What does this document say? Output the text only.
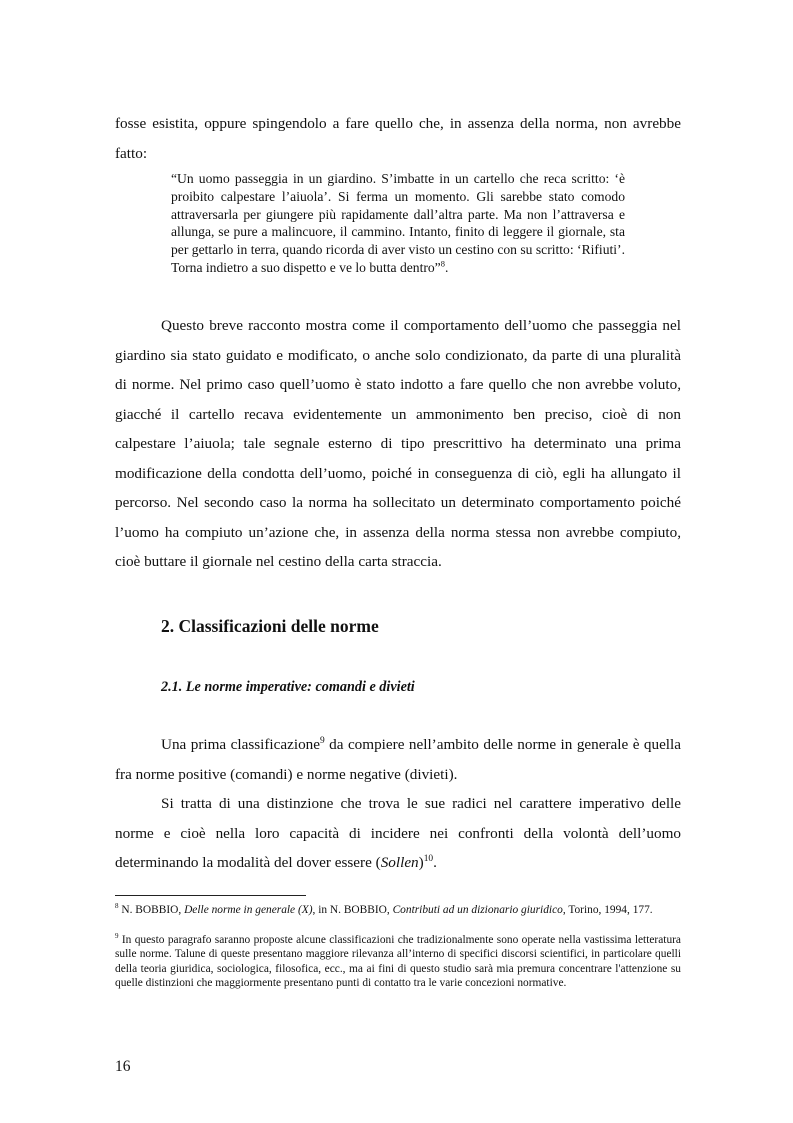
fosse esistita, oppure spingendolo a fare quello che, in assenza della norma, non avrebbe fatto:

“Un uomo passeggia in un giardino. S’imbatte in un cartello che reca scritto: ‘è proibito calpestare l’aiuola’. Si ferma un momento. Gli sarebbe stato comodo attraversarla per giungere più rapidamente dall’altra parte. Ma non l’attraversa e allunga, se pure a malincuore, il cammino. Intanto, finito di leggere il giornale, sta per gettarlo in terra, quando ricorda di aver visto un cestino con su scritto: ‘Rifiuti’. Torna indietro a suo dispetto e ve lo butta dentro”$^8$.

Questo breve racconto mostra come il comportamento dell’uomo che passeggia nel giardino sia stato guidato e modificato, o anche solo condizionato, da parte di una pluralità di norme. Nel primo caso quell’uomo è stato indotto a fare quello che non avrebbe voluto, giacché il cartello recava evidentemente un ammonimento ben preciso, cioè di non calpestare l’aiuola; tale segnale esterno di tipo prescrittivo ha determinato una prima modificazione della condotta dell’uomo, poiché in conseguenza di ciò, egli ha allungato il percorso. Nel secondo caso la norma ha sollecitato un determinato comportamento poiché l’uomo ha compiuto un’azione che, in assenza della norma stessa non avrebbe compiuto, cioè buttare il giornale nel cestino della carta straccia.

2. Classificazioni delle norme
2.1. Le norme imperative: comandi e divieti

Una prima classificazione$^9$ da compiere nell’ambito delle norme in generale è quella fra norme positive (comandi) e norme negative (divieti).

Si tratta di una distinzione che trova le sue radici nel carattere imperativo delle norme e cioè nella loro capacità di incidere nei confronti della volontà dell’uomo determinando la modalità del dover essere (Sollen)$^{10}$.

$^8$ N. BOBBIO, Delle norme in generale (X), in N. BOBBIO, Contributi ad un dizionario giuridico, Torino, 1994, 177.

$^9$ In questo paragrafo saranno proposte alcune classificazioni che tradizionalmente sono operate nella vastissima letteratura sulle norme. Talune di queste presentano maggiore rilevanza all’interno di specifici discorsi scientifici, in particolare quelli della teoria giuridica, sociologica, filosofica, ecc., ma ai fini di questo studio sarà mia premura concentrare l'attenzione su quelle distinzioni che maggiormente presentano punti di contatto tra le varie concezioni normative.

16
